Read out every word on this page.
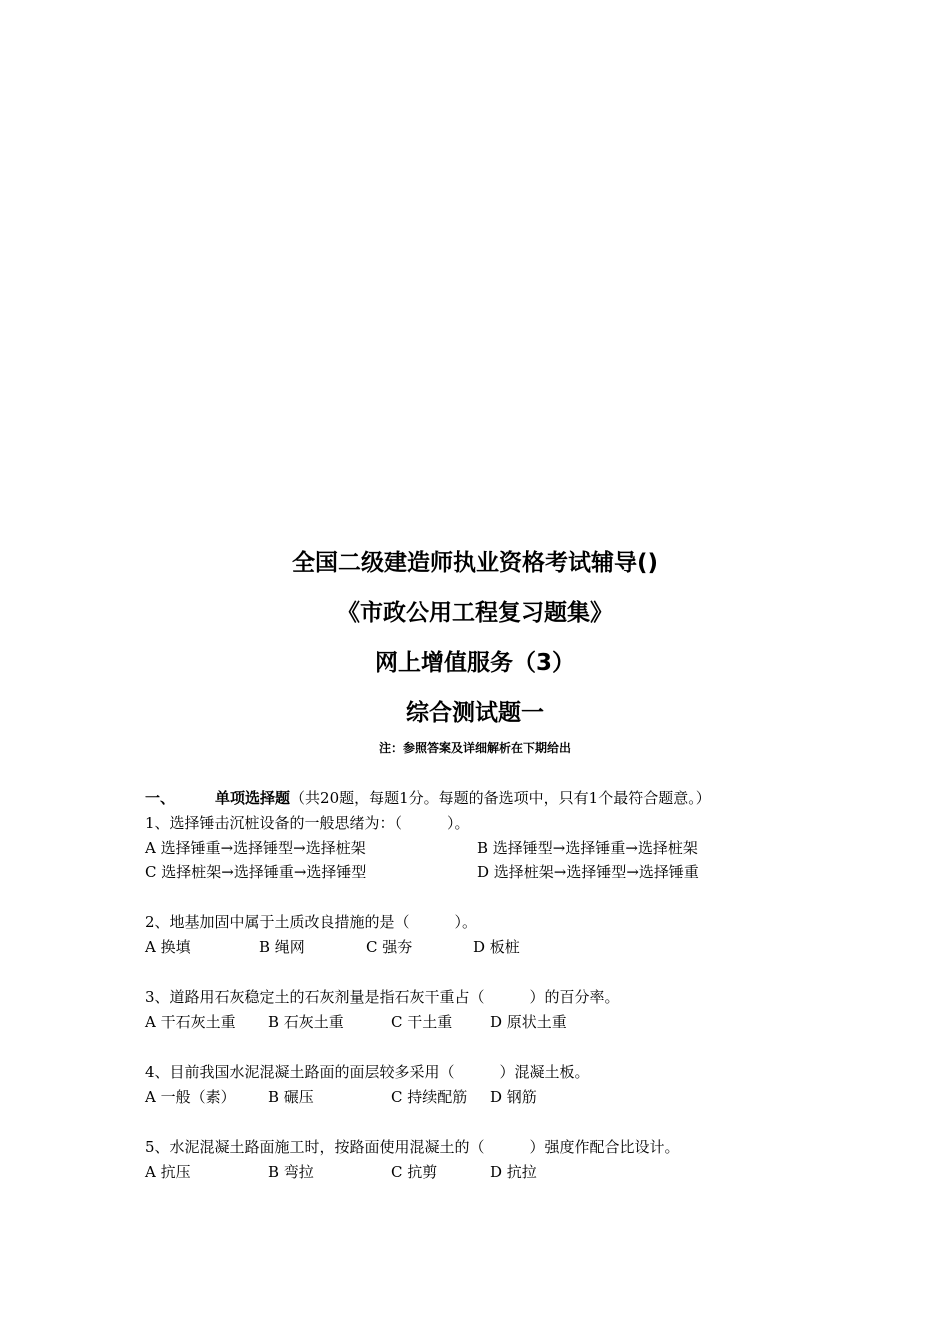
全国二级建造师执业资格考试辅导()
《市政公用工程复习题集》
网上增值服务（3）
综合测试题一
注：参照答案及详细解析在下期给出
一、	单项选择题（共20题，每题1分。每题的备选项中，只有1个最符合题意。）
1、选择锤击沉桩设备的一般思绪为：（　　　）。
A 选择锤重→选择锤型→选择桩架	B 选择锤型→选择锤重→选择桩架
C 选择桩架→选择锤重→选择锤型	D 选择桩架→选择锤型→选择锤重
2、地基加固中属于土质改良措施的是（　　　）。
A 换填	B 绳网	C 强夯	D 板桩
3、道路用石灰稳定土的石灰剂量是指石灰干重占（　　　）的百分率。
A 干石灰土重 B 石灰土重	C 干土重	D 原状土重
4、目前我国水泥混凝土路面的面层较多采用（　　　）混凝土板。
A 一般（素） B 碾压	C 持续配筋 D 钢筋
5、水泥混凝土路面施工时，按路面使用混凝土的（　　　）强度作配合比设计。
A 抗压	B 弯拉	C 抗剪	D 抗拉
